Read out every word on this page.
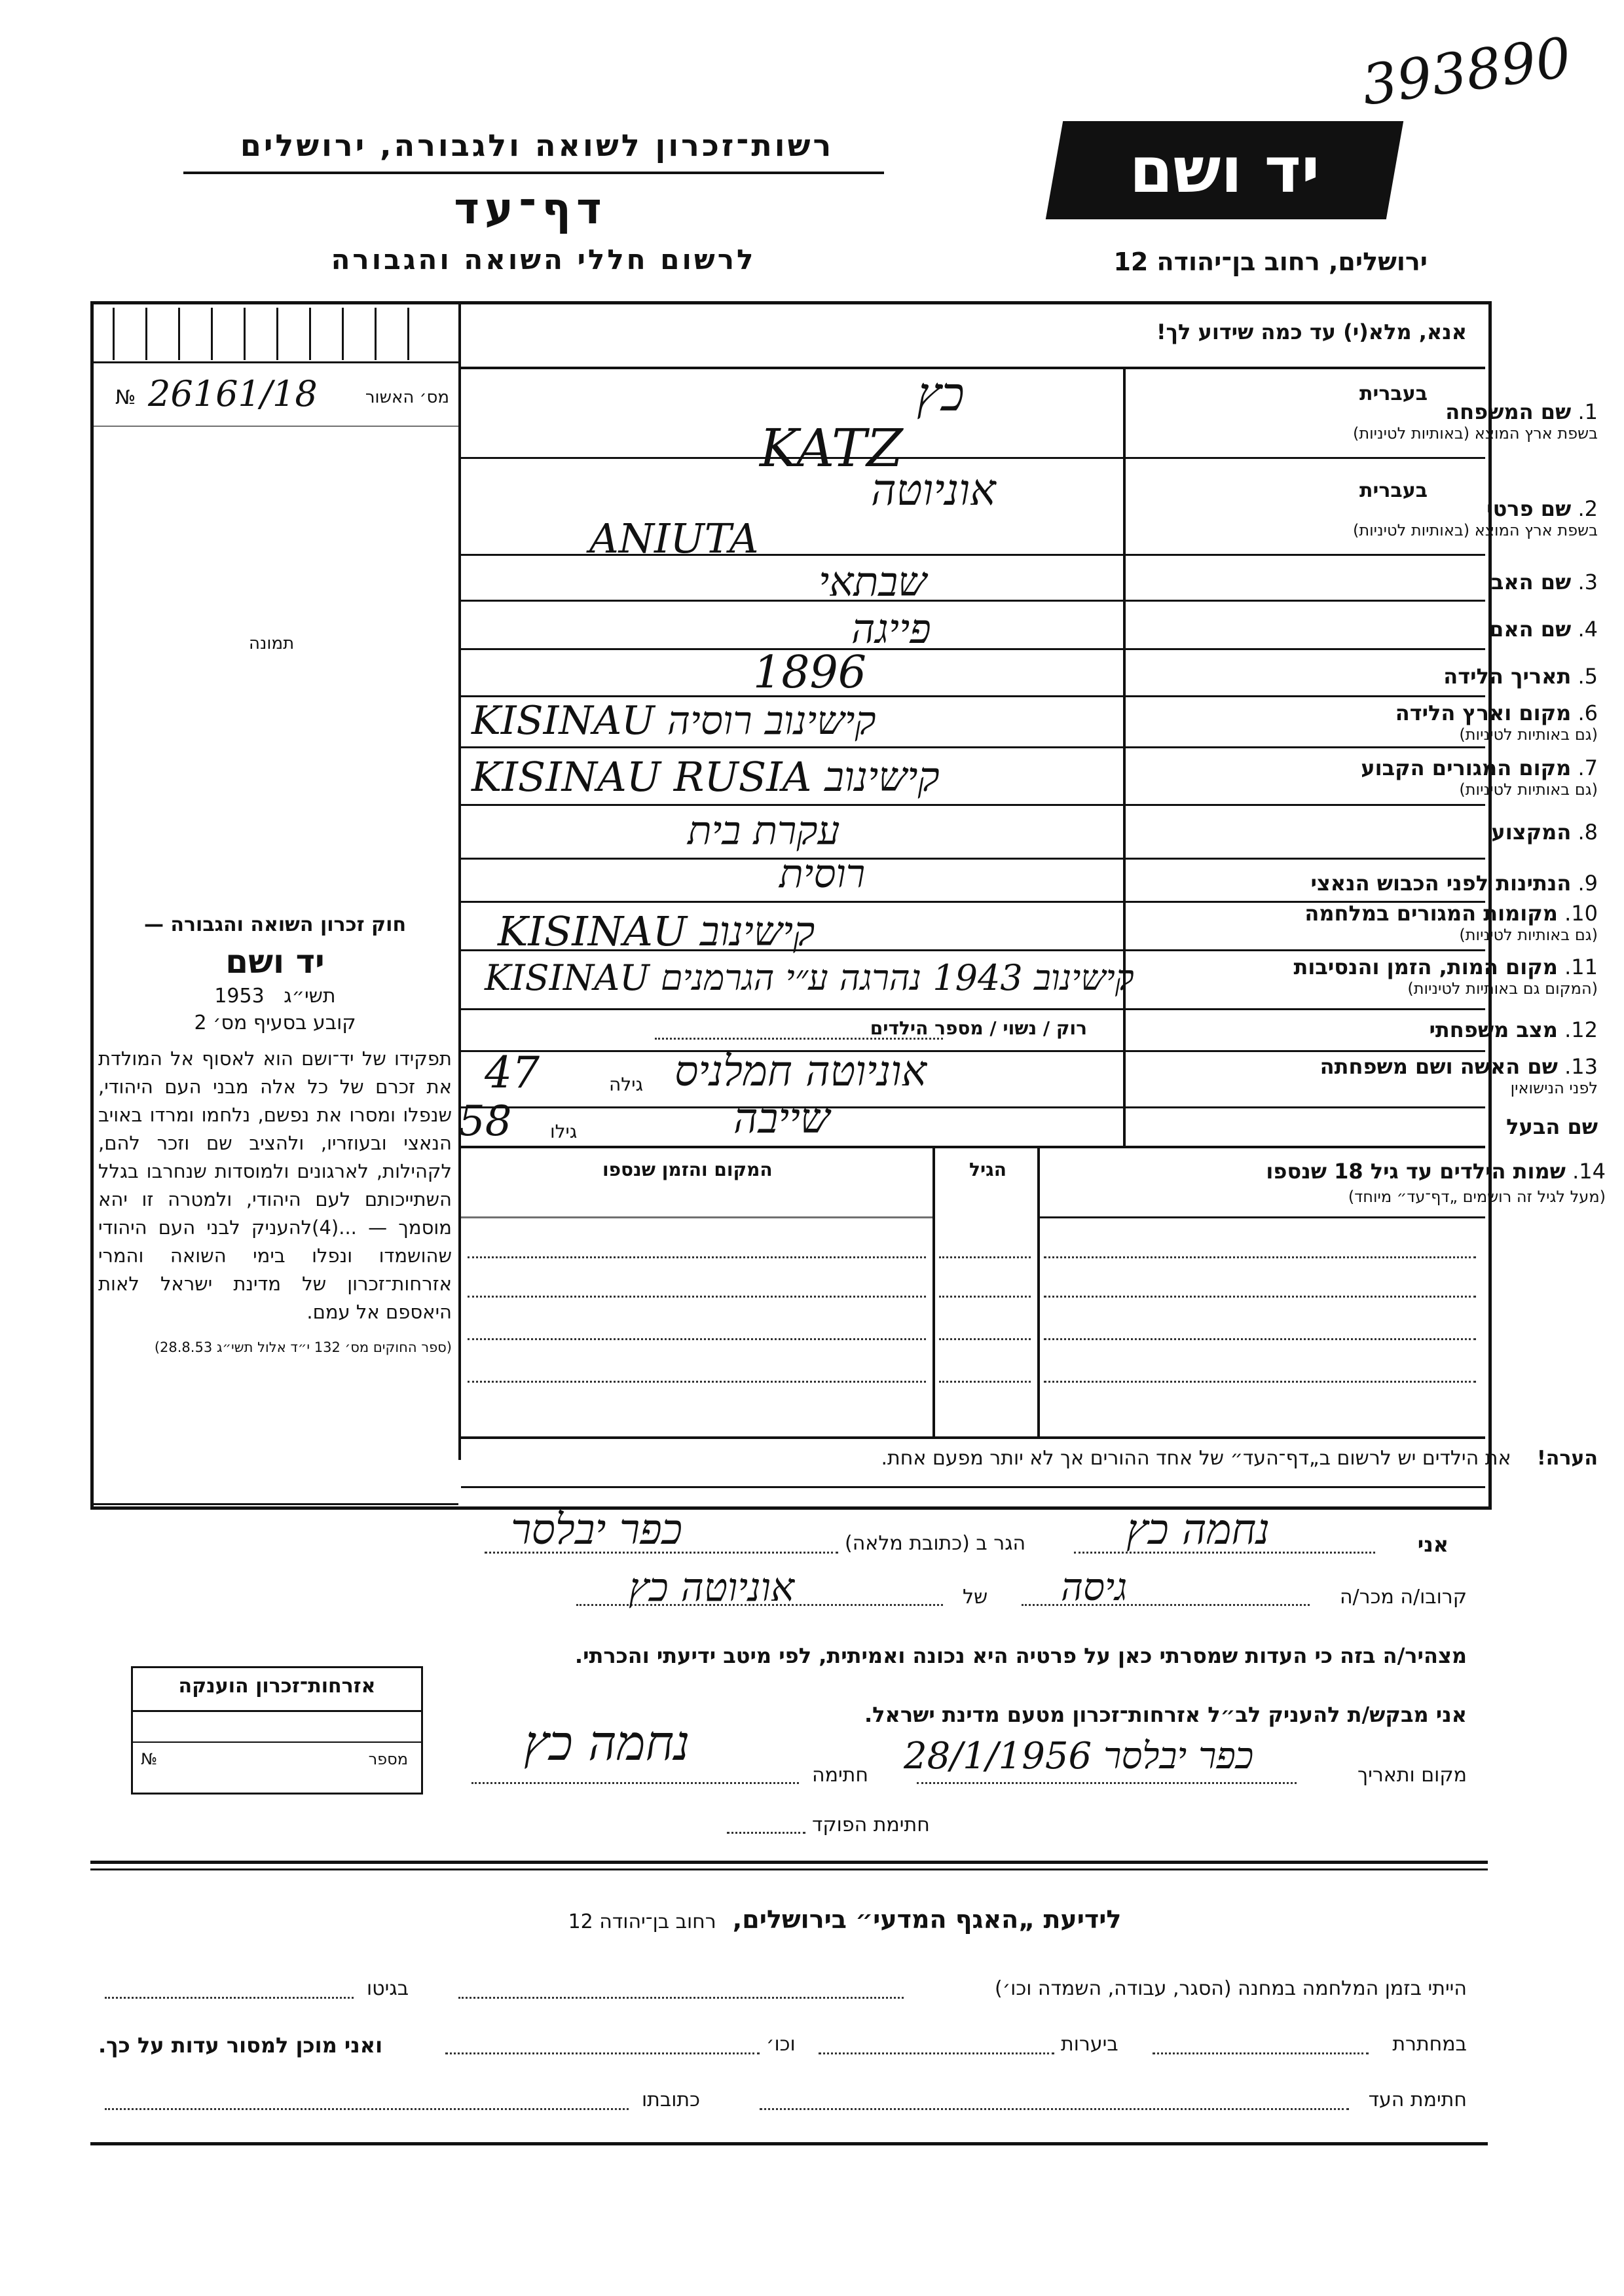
393890
רשות־זכרון לשואה ולגבורה, ירושלים
דף־עד
לרשום חללי השואה והגבורה
יד ושם
ירושלים, רחוב בן־יהודה 12
אנא, מלא(י) עד כמה שידוע לך!
№ 26161/18	מס׳ האשור
תמונה
חוק זכרון השואה והגבורה —
יד ושם
תשי״ג 1953
קובע בסעיף מס׳ 2
תפקידו של יד־ושם הוא לאסוף אל המולדת את זכרם של כל אלה מבני העם היהודי, שנפלו ומסרו את נפשם, נלחמו ומרדו באויב הנאצי ובעוזריו, ולהציב שם וזכר להם, לקהילות, לארגונים ולמוסדות שנחרבו בגלל השתייכותם לעם היהודי, ולמטרה זו יהא מוסמך — ...(4)להעניק לבני העם היהודי שהושמדו ונפלו בימי השואה והמרי אזרחות־זכרון של מדינת ישראל לאות היאספם אל עמם.
(ספר החוקים מס׳ 132 י״ד אלול תשי״ג 28.8.53)
1. שם המשפחה
בשפת ארץ המוצא (באותיות לטיניות)
בעברית
כץ
KATZ
2. שם פרטי
בשפת ארץ המוצא (באותיות לטיניות)
בעברית
אוניוטה
ANIUTA
3. שם האב
שבתאי
4. שם האם
פייגה
5. תאריך הלידה
1896
6. מקום וארץ הלידה
(גם באותיות לטיניות)
KISINAU קישינוב רוסיה
7. מקום המגורים הקבוע
(גם באותיות לטיניות)
KISINAU RUSIA קישינוב
8. המקצוע
עקרת בית
9. הנתינות לפני הכבוש הנאצי
רוסית
10. מקומות המגורים במלחמה
(גם באותיות לטיניות)
KISINAU קישינוב
11. מקום המות, הזמן והנסיבות
(המקום גם באותיות לטיניות)
KISINAU קישינוב 1943 נהרגה ע״י הגרמנים
12. מצב משפחתי
רוק / נשוי / מספר הילדים
13. שם האשה ושם משפחתה
לפני הנישואין
אוניוטה חמלניס
גילה
47
שם הבעל
שייבה
גילו
58
14. שמות הילדים עד גיל 18 שנספו
(מעל לגיל זה רושמים „דף־עד״ מיוחד)
הגיל
המקום והזמן שנספו
הערה! את הילדים יש לרשום ב„דף־העד״ של אחד ההורים אך לא יותר מפעם אחת.
אני
נחמה כץ
הגר ב (כתובת מלאה)
כפר יבלסר
קרובו/ה מכר/ה
גיסה
של
אוניוטה כץ
מצהיר/ה בזה כי העדות שמסרתי כאן על פרטיה היא נכונה ואמיתית, לפי מיטב ידיעתי והכרתי.
אני מבקש/ת להעניק לב״ל אזרחות־זכרון מטעם מדינת ישראל.
מקום ותאריך
כפר יבלסר 28/1/1956
חתימה
נחמה כץ
חתימת הפוקד
אזרחות־זכרון הוענקה
№	מספר
לידיעת „האגף המדעי״ בירושלים, רחוב בן־יהודה 12
הייתי בזמן המלחמה במחנה (הסגר, עבודה, השמדה וכו׳)
בגיטו
במחתרת
ביערות
וכו׳
ואני מוכן למסור עדות על כך.
חתימת העד
כתובתו
